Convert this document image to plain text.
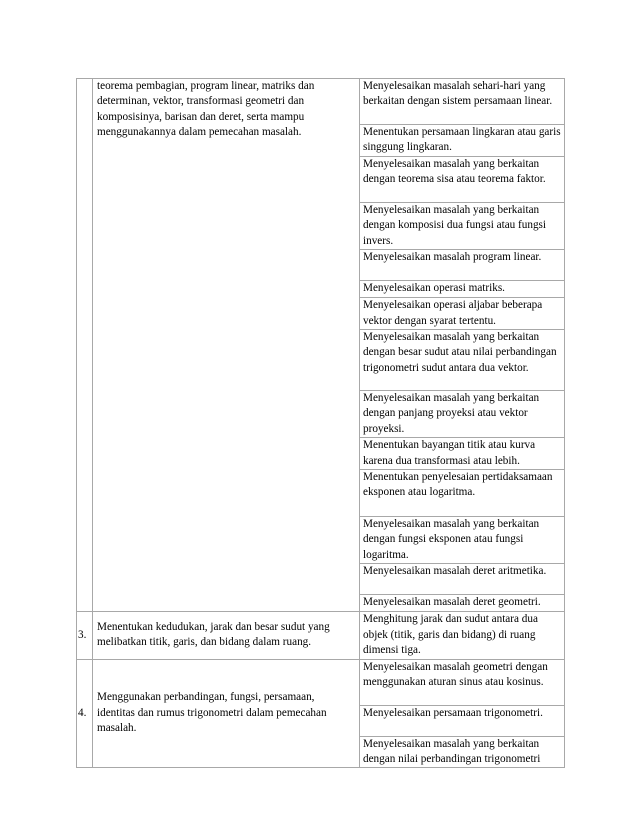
	teorema pembagian, program linear, matriks dan determinan, vektor, transformasi geometri dan komposisinya, barisan dan deret, serta mampu menggunakannya dalam pemecahan masalah.	Menyelesaikan masalah sehari-hari yang berkaitan dengan sistem persamaan linear.
		Menentukan persamaan lingkaran atau garis singgung lingkaran.
		Menyelesaikan masalah yang berkaitan dengan teorema sisa atau teorema faktor.
		Menyelesaikan masalah yang berkaitan dengan komposisi dua fungsi atau fungsi invers.
		Menyelesaikan masalah program linear.
		Menyelesaikan operasi matriks.
		Menyelesaikan operasi aljabar beberapa vektor dengan syarat tertentu.
		Menyelesaikan masalah yang berkaitan dengan besar sudut atau nilai perbandingan trigonometri sudut antara dua vektor.
		Menyelesaikan masalah yang berkaitan dengan panjang proyeksi atau vektor proyeksi.
		Menentukan bayangan titik atau kurva karena dua transformasi atau lebih.
		Menentukan penyelesaian pertidaksamaan eksponen atau logaritma.
		Menyelesaikan masalah yang berkaitan dengan fungsi eksponen atau fungsi logaritma.
		Menyelesaikan masalah deret aritmetika.
		Menyelesaikan masalah deret geometri.
3.	Menentukan kedudukan, jarak dan besar sudut yang melibatkan titik, garis, dan bidang dalam ruang.	Menghitung jarak dan sudut antara dua objek (titik, garis dan bidang) di ruang dimensi tiga.
4.	Menggunakan perbandingan, fungsi, persamaan, identitas dan rumus trigonometri dalam pemecahan masalah.	Menyelesaikan masalah geometri dengan menggunakan aturan sinus atau kosinus.
		Menyelesaikan persamaan trigonometri.
		Menyelesaikan masalah yang berkaitan dengan nilai perbandingan trigonometri
